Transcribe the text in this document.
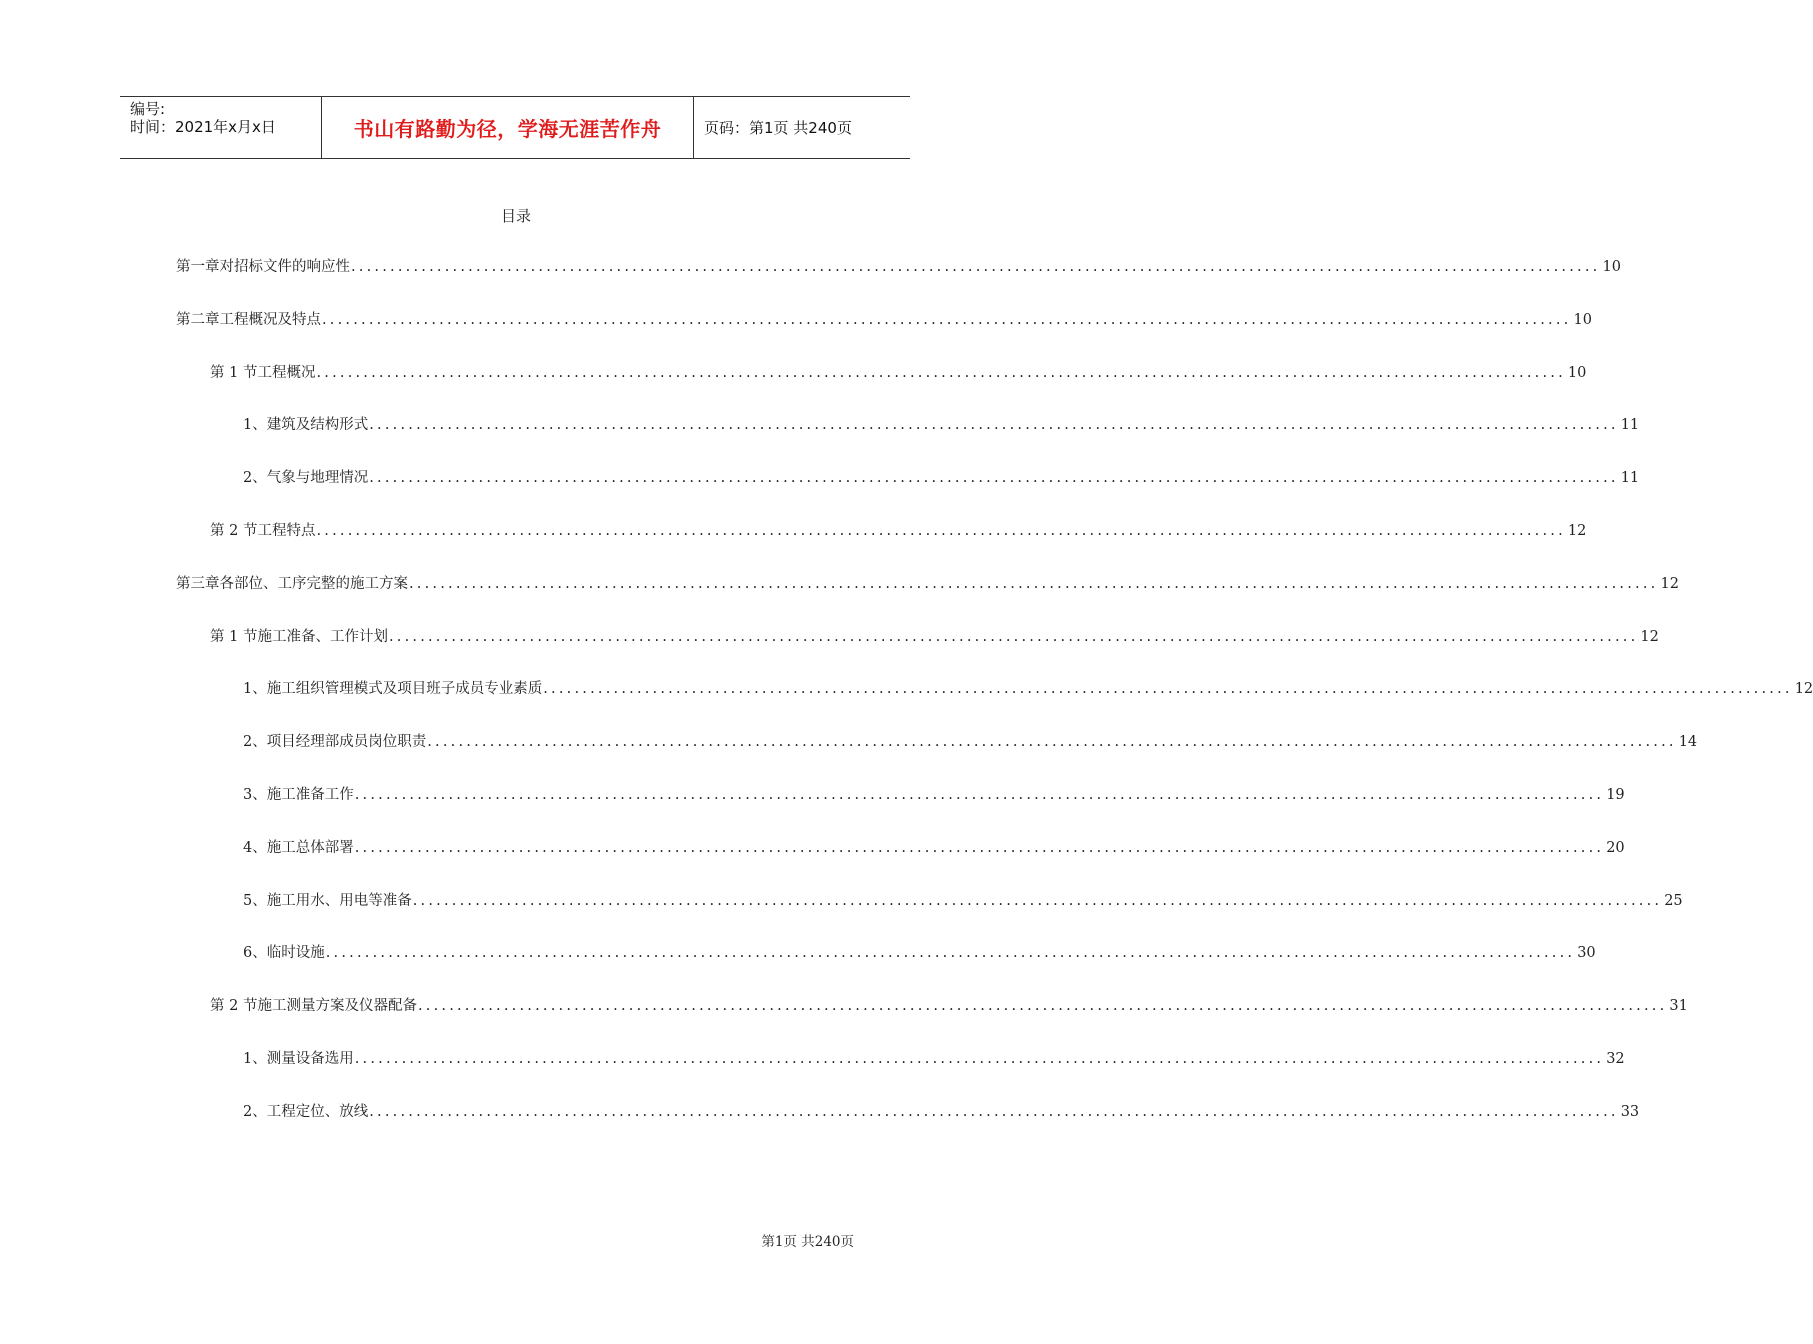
编号:
时间：2021年x月x日	书山有路勤为径，学海无涯苦作舟	页码：第1页 共240页
目录
第一章 对招标文件的响应性 ................................................................................................................................................................ 10
第二章 工程概况及特点 ................................................................................................................................................................ 10
第 1 节 工程概况 ................................................................................................................................................................ 10
1、 建筑及结构形式 ................................................................................................................................................................ 11
2、 气象与地理情况 ................................................................................................................................................................ 11
第 2 节 工程特点 ................................................................................................................................................................ 12
第三章 各部位、工序完整的施工方案 ................................................................................................................................................................ 12
第 1 节 施工准备、工作计划 ................................................................................................................................................................ 12
1、 施工组织管理模式及项目班子成员专业素质 ................................................................................................................................................................ 12
2、 项目经理部成员岗位职责 ................................................................................................................................................................ 14
3、 施工准备工作 ................................................................................................................................................................ 19
4、 施工总体部署 ................................................................................................................................................................ 20
5、 施工用水、用电等准备 ................................................................................................................................................................ 25
6、 临时设施 ................................................................................................................................................................ 30
第 2 节 施工测量方案及仪器配备 ................................................................................................................................................................ 31
1、 测量设备选用 ................................................................................................................................................................ 32
2、 工程定位、放线 ................................................................................................................................................................ 33
第1页 共240页
